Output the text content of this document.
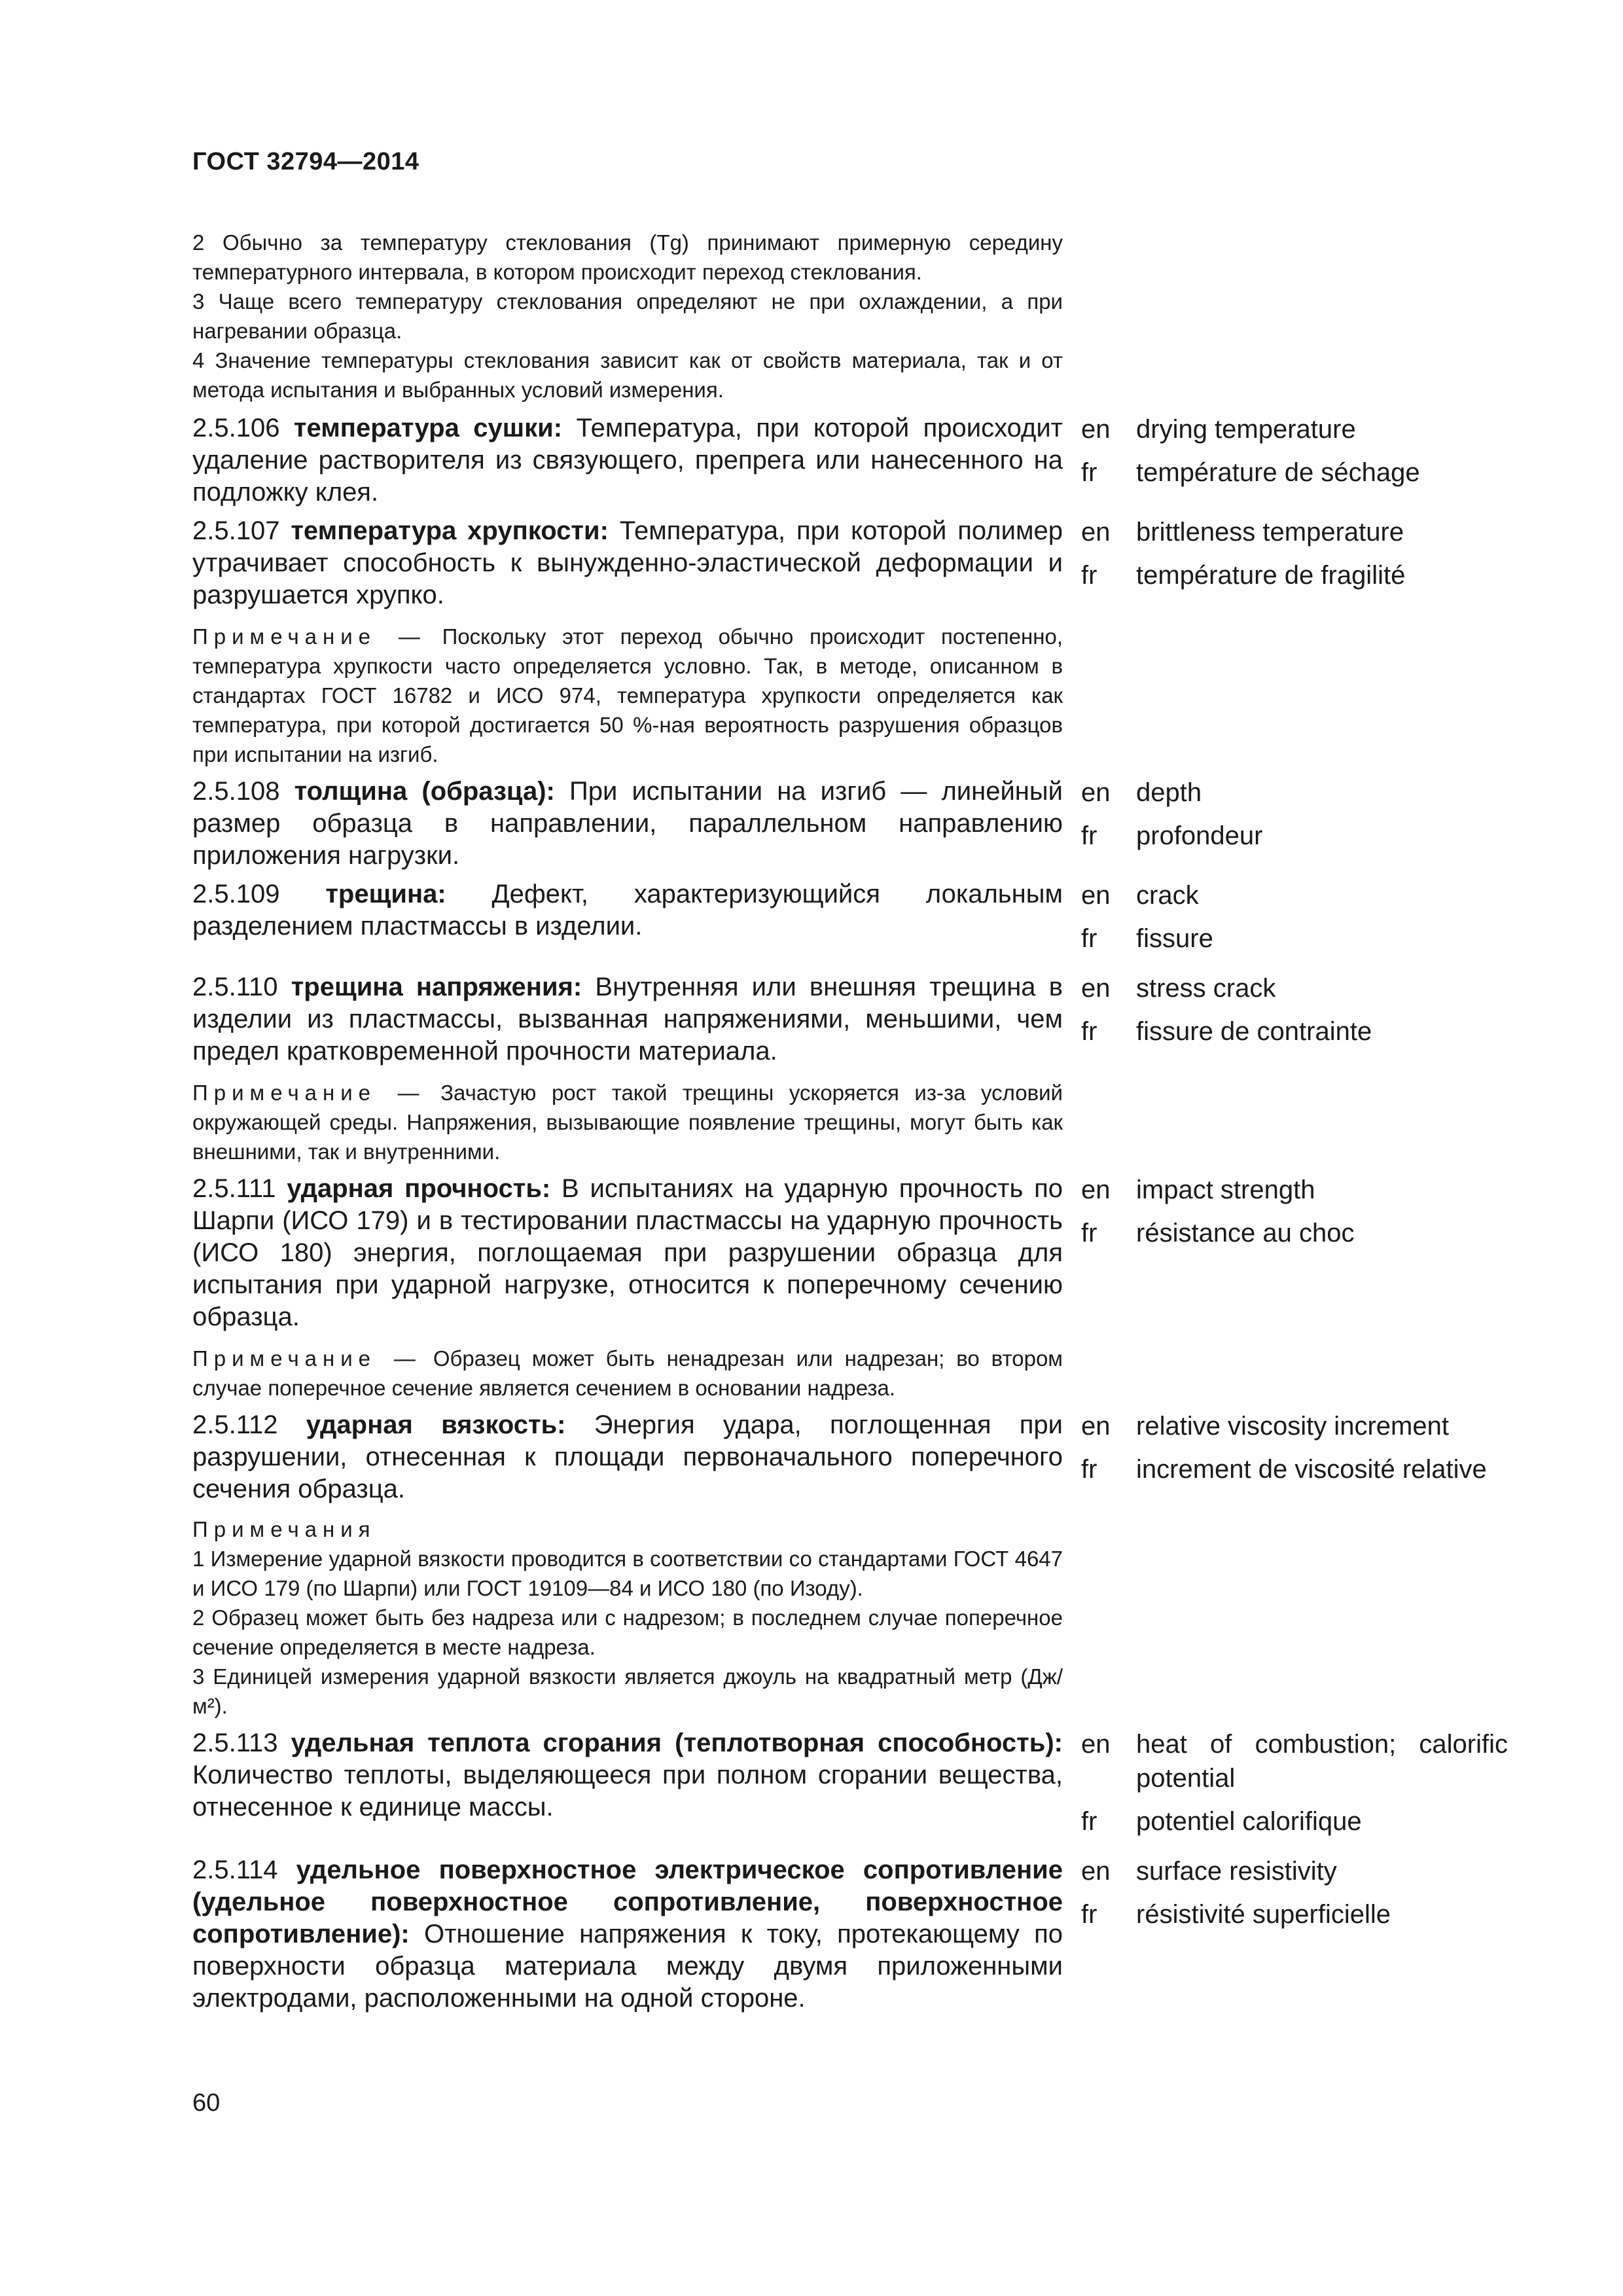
ГОСТ 32794—2014

2 Обычно за температуру стеклования (Tg) принимают примерную середину температурного интервала, в котором происходит переход стеклования.

3 Чаще всего температуру стеклования определяют не при охлаждении, а при нагревании образца.

4 Значение температуры стеклования зависит как от свойств материала, так и от метода испытания и выбранных условий измерения.

2.5.106 температура сушки: Температура, при которой происходит удаление растворителя из связующего, препрега или нанесенного на подложку клея.

en drying temperature
fr	température de séchage

2.5.107 температура хрупкости: Температура, при которой полимер утрачивает способность к вынужденно-эластической деформации и разрушается хрупко.

Примечание — Поскольку этот переход обычно происходит постепенно, температура хрупкости часто определяется условно. Так, в методе, описанном в стандартах ГОСТ 16782 и ИСО 974, температура хрупкости определяется как температура, при которой достигается 50 %-ная вероятность разрушения образцов при испытании на изгиб.

en brittleness temperature
fr	température de fragilité

2.5.108 толщина (образца): При испытании на изгиб — линейный размер образца в направлении, параллельном направлению приложения нагрузки.

en depth
fr	profondeur

2.5.109 трещина: Дефект, характеризующийся локальным разделением пластмассы в изделии.

en crack
fr	fissure

2.5.110 трещина напряжения: Внутренняя или внешняя трещина в изделии из пластмассы, вызванная напряжениями, меньшими, чем предел кратковременной прочности материала.

Примечание — Зачастую рост такой трещины ускоряется из-за условий окружающей среды. Напряжения, вызывающие появление трещины, могут быть как внешними, так и внутренними.

en stress crack
fr	fissure de contrainte

2.5.111 ударная прочность: В испытаниях на ударную прочность по Шарпи (ИСО 179) и в тестировании пластмассы на ударную прочность (ИСО 180) энергия, поглощаемая при разрушении образца для испытания при ударной нагрузке, относится к поперечному сечению образца.

Примечание — Образец может быть ненадрезан или надрезан; во втором случае поперечное сечение является сечением в основании надреза.

en impact strength
fr	résistance au choc

2.5.112 ударная вязкость: Энергия удара, поглощенная при разрушении, отнесенная к площади первоначального поперечного сечения образца.

Примечания

1 Измерение ударной вязкости проводится в соответствии со стандартами ГОСТ 4647 и ИСО 179 (по Шарпи) или ГОСТ 19109—84 и ИСО 180 (по Изоду).

2 Образец может быть без надреза или с надрезом; в последнем случае поперечное сечение определяется в месте надреза.

3 Единицей измерения ударной вязкости является джоуль на квадратный метр (Дж/м²).

en relative viscosity increment
fr	increment de viscosité relative

2.5.113 удельная теплота сгорания (теплотворная способность): Количество теплоты, выделяющееся при полном сгорании вещества, отнесенное к единице массы.

en heat of combustion; calorific potential
fr	potentiel calorifique

2.5.114 удельное поверхностное электрическое сопротивление (удельное поверхностное сопротивление, поверхностное сопротивление): Отношение напряжения к току, протекающему по поверхности образца материала между двумя приложенными электродами, расположенными на одной стороне.

en surface resistivity
fr	résistivité superficielle
60
